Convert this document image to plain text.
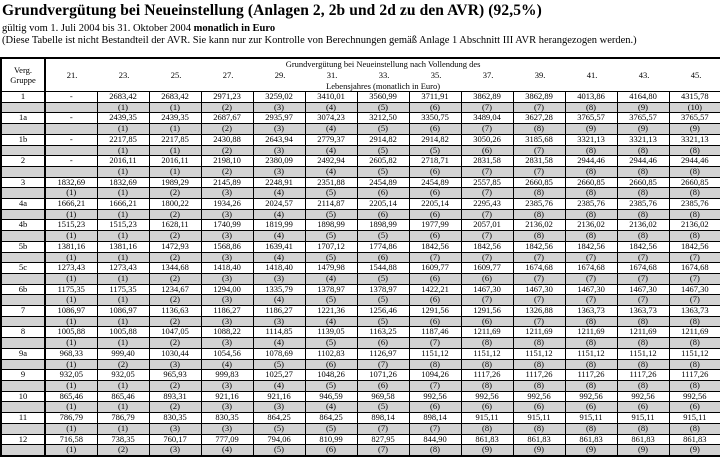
Grundvergütung bei Neueinstellung (Anlagen 2, 2b und 2d zu den AVR) (92,5%)
gültig vom 1. Juli 2004 bis 31. Oktober 2004 monatlich in Euro
(Diese Tabelle ist nicht Bestandteil der AVR. Sie kann nur zur Kontrolle von Berechnungen gemäß Anlage 1 Abschnitt III AVR herangezogen werden.)
Verg.
Gruppe	
Grundvergütung bei Neueinstellung nach Vollendung des
21.	23.	25.	27.	29.	31.	33.	35.	37.	39.	41.	43.	45.
Lebensjahres (monatlich in Euro)

1	-	2683,42	2683,42	2971,23	3259,02	3410,01	3560,99	3711,91	3862,89	3862,89	4013,86	4164,80	4315,78
		(1)	(1)	(2)	(3)	(4)	(5)	(6)	(7)	(7)	(8)	(9)	(10)
1a	-	2439,35	2439,35	2687,67	2935,97	3074,23	3212,50	3350,75	3489,04	3627,28	3765,57	3765,57	3765,57
		(1)	(1)	(2)	(3)	(4)	(5)	(6)	(7)	(8)	(9)	(9)	(9)
1b	-	2217,85	2217,85	2430,88	2643,94	2779,37	2914,82	2914,82	3050,26	3185,68	3321,13	3321,13	3321,13
		(1)	(1)	(2)	(3)	(4)	(5)	(5)	(6)	(7)	(8)	(8)	(8)
2	-	2016,11	2016,11	2198,10	2380,09	2492,94	2605,82	2718,71	2831,58	2831,58	2944,46	2944,46	2944,46
		(1)	(1)	(2)	(3)	(4)	(5)	(6)	(7)	(7)	(8)	(8)	(8)
3	1832,69	1832,69	1989,29	2145,89	2248,91	2351,88	2454,89	2454,89	2557,85	2660,85	2660,85	2660,85	2660,85
	(1)	(1)	(2)	(3)	(4)	(5)	(6)	(6)	(7)	(8)	(8)	(8)	(8)
4a	1666,21	1666,21	1800,22	1934,26	2024,57	2114,87	2205,14	2205,14	2295,43	2385,76	2385,76	2385,76	2385,76
	(1)	(1)	(2)	(3)	(4)	(5)	(6)	(6)	(7)	(8)	(8)	(8)	(8)
4b	1515,23	1515,23	1628,11	1740,99	1819,99	1898,99	1898,99	1977,99	2057,01	2136,02	2136,02	2136,02	2136,02
	(1)	(1)	(2)	(3)	(4)	(5)	(5)	(6)	(7)	(8)	(8)	(8)	(8)
5b	1381,16	1381,16	1472,93	1568,86	1639,41	1707,12	1774,86	1842,56	1842,56	1842,56	1842,56	1842,56	1842,56
	(1)	(1)	(2)	(3)	(4)	(5)	(6)	(7)	(7)	(7)	(7)	(7)	(7)
5c	1273,43	1273,43	1344,68	1418,40	1418,40	1479,98	1544,88	1609,77	1609,77	1674,68	1674,68	1674,68	1674,68
	(1)	(1)	(2)	(3)	(3)	(4)	(5)	(6)	(6)	(7)	(7)	(7)	(7)
6b	1175,35	1175,35	1234,67	1294,00	1335,79	1378,97	1378,97	1422,21	1467,30	1467,30	1467,30	1467,30	1467,30
	(1)	(1)	(2)	(3)	(4)	(5)	(5)	(6)	(7)	(7)	(7)	(7)	(7)
7	1086,97	1086,97	1136,63	1186,27	1186,27	1221,36	1256,46	1291,56	1291,56	1326,88	1363,73	1363,73	1363,73
	(1)	(1)	(2)	(3)	(3)	(4)	(5)	(6)	(6)	(7)	(8)	(8)	(8)
8	1005,88	1005,88	1047,05	1088,22	1114,85	1139,05	1163,25	1187,46	1211,69	1211,69	1211,69	1211,69	1211,69
	(1)	(1)	(2)	(3)	(4)	(5)	(6)	(7)	(8)	(8)	(8)	(8)	(8)
9a	968,33	999,40	1030,44	1054,56	1078,69	1102,83	1126,97	1151,12	1151,12	1151,12	1151,12	1151,12	1151,12
	(1)	(2)	(3)	(4)	(5)	(6)	(7)	(8)	(8)	(8)	(8)	(8)	(8)
9	932,05	932,05	965,93	999,83	1025,27	1048,26	1071,26	1094,26	1117,26	1117,26	1117,26	1117,26	1117,26
	(1)	(1)	(2)	(3)	(4)	(5)	(6)	(7)	(8)	(8)	(8)	(8)	(8)
10	865,46	865,46	893,31	921,16	921,16	946,59	969,58	992,56	992,56	992,56	992,56	992,56	992,56
	(1)	(1)	(2)	(3)	(3)	(4)	(5)	(6)	(6)	(6)	(6)	(6)	(6)
11	786,79	786,79	830,35	830,35	864,25	864,25	898,14	898,14	915,11	915,11	915,11	915,11	915,11
	(1)	(1)	(3)	(3)	(5)	(5)	(7)	(7)	(8)	(8)	(8)	(8)	(8)
12	716,58	738,35	760,17	777,09	794,06	810,99	827,95	844,90	861,83	861,83	861,83	861,83	861,83
	(1)	(2)	(3)	(4)	(5)	(6)	(7)	(8)	(9)	(9)	(9)	(9)	(9)
